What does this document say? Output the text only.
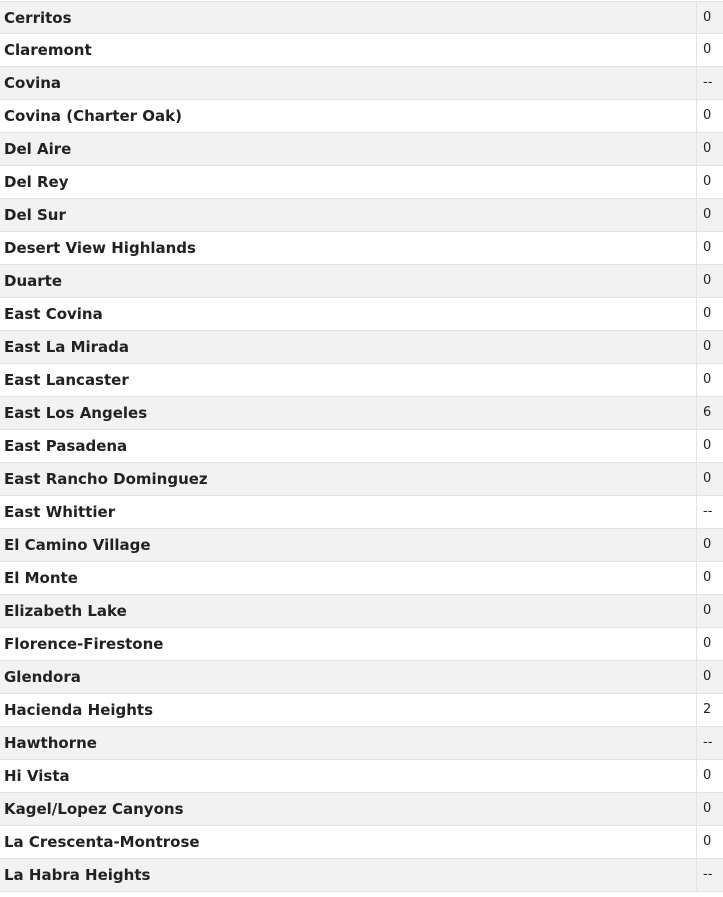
Cerritos	0
Claremont	0
Covina	--
Covina (Charter Oak)	0
Del Aire	0
Del Rey	0
Del Sur	0
Desert View Highlands	0
Duarte	0
East Covina	0
East La Mirada	0
East Lancaster	0
East Los Angeles	6
East Pasadena	0
East Rancho Dominguez	0
East Whittier	--
El Camino Village	0
El Monte	0
Elizabeth Lake	0
Florence-Firestone	0
Glendora	0
Hacienda Heights	2
Hawthorne	--
Hi Vista	0
Kagel/Lopez Canyons	0
La Crescenta-Montrose	0
La Habra Heights	--
